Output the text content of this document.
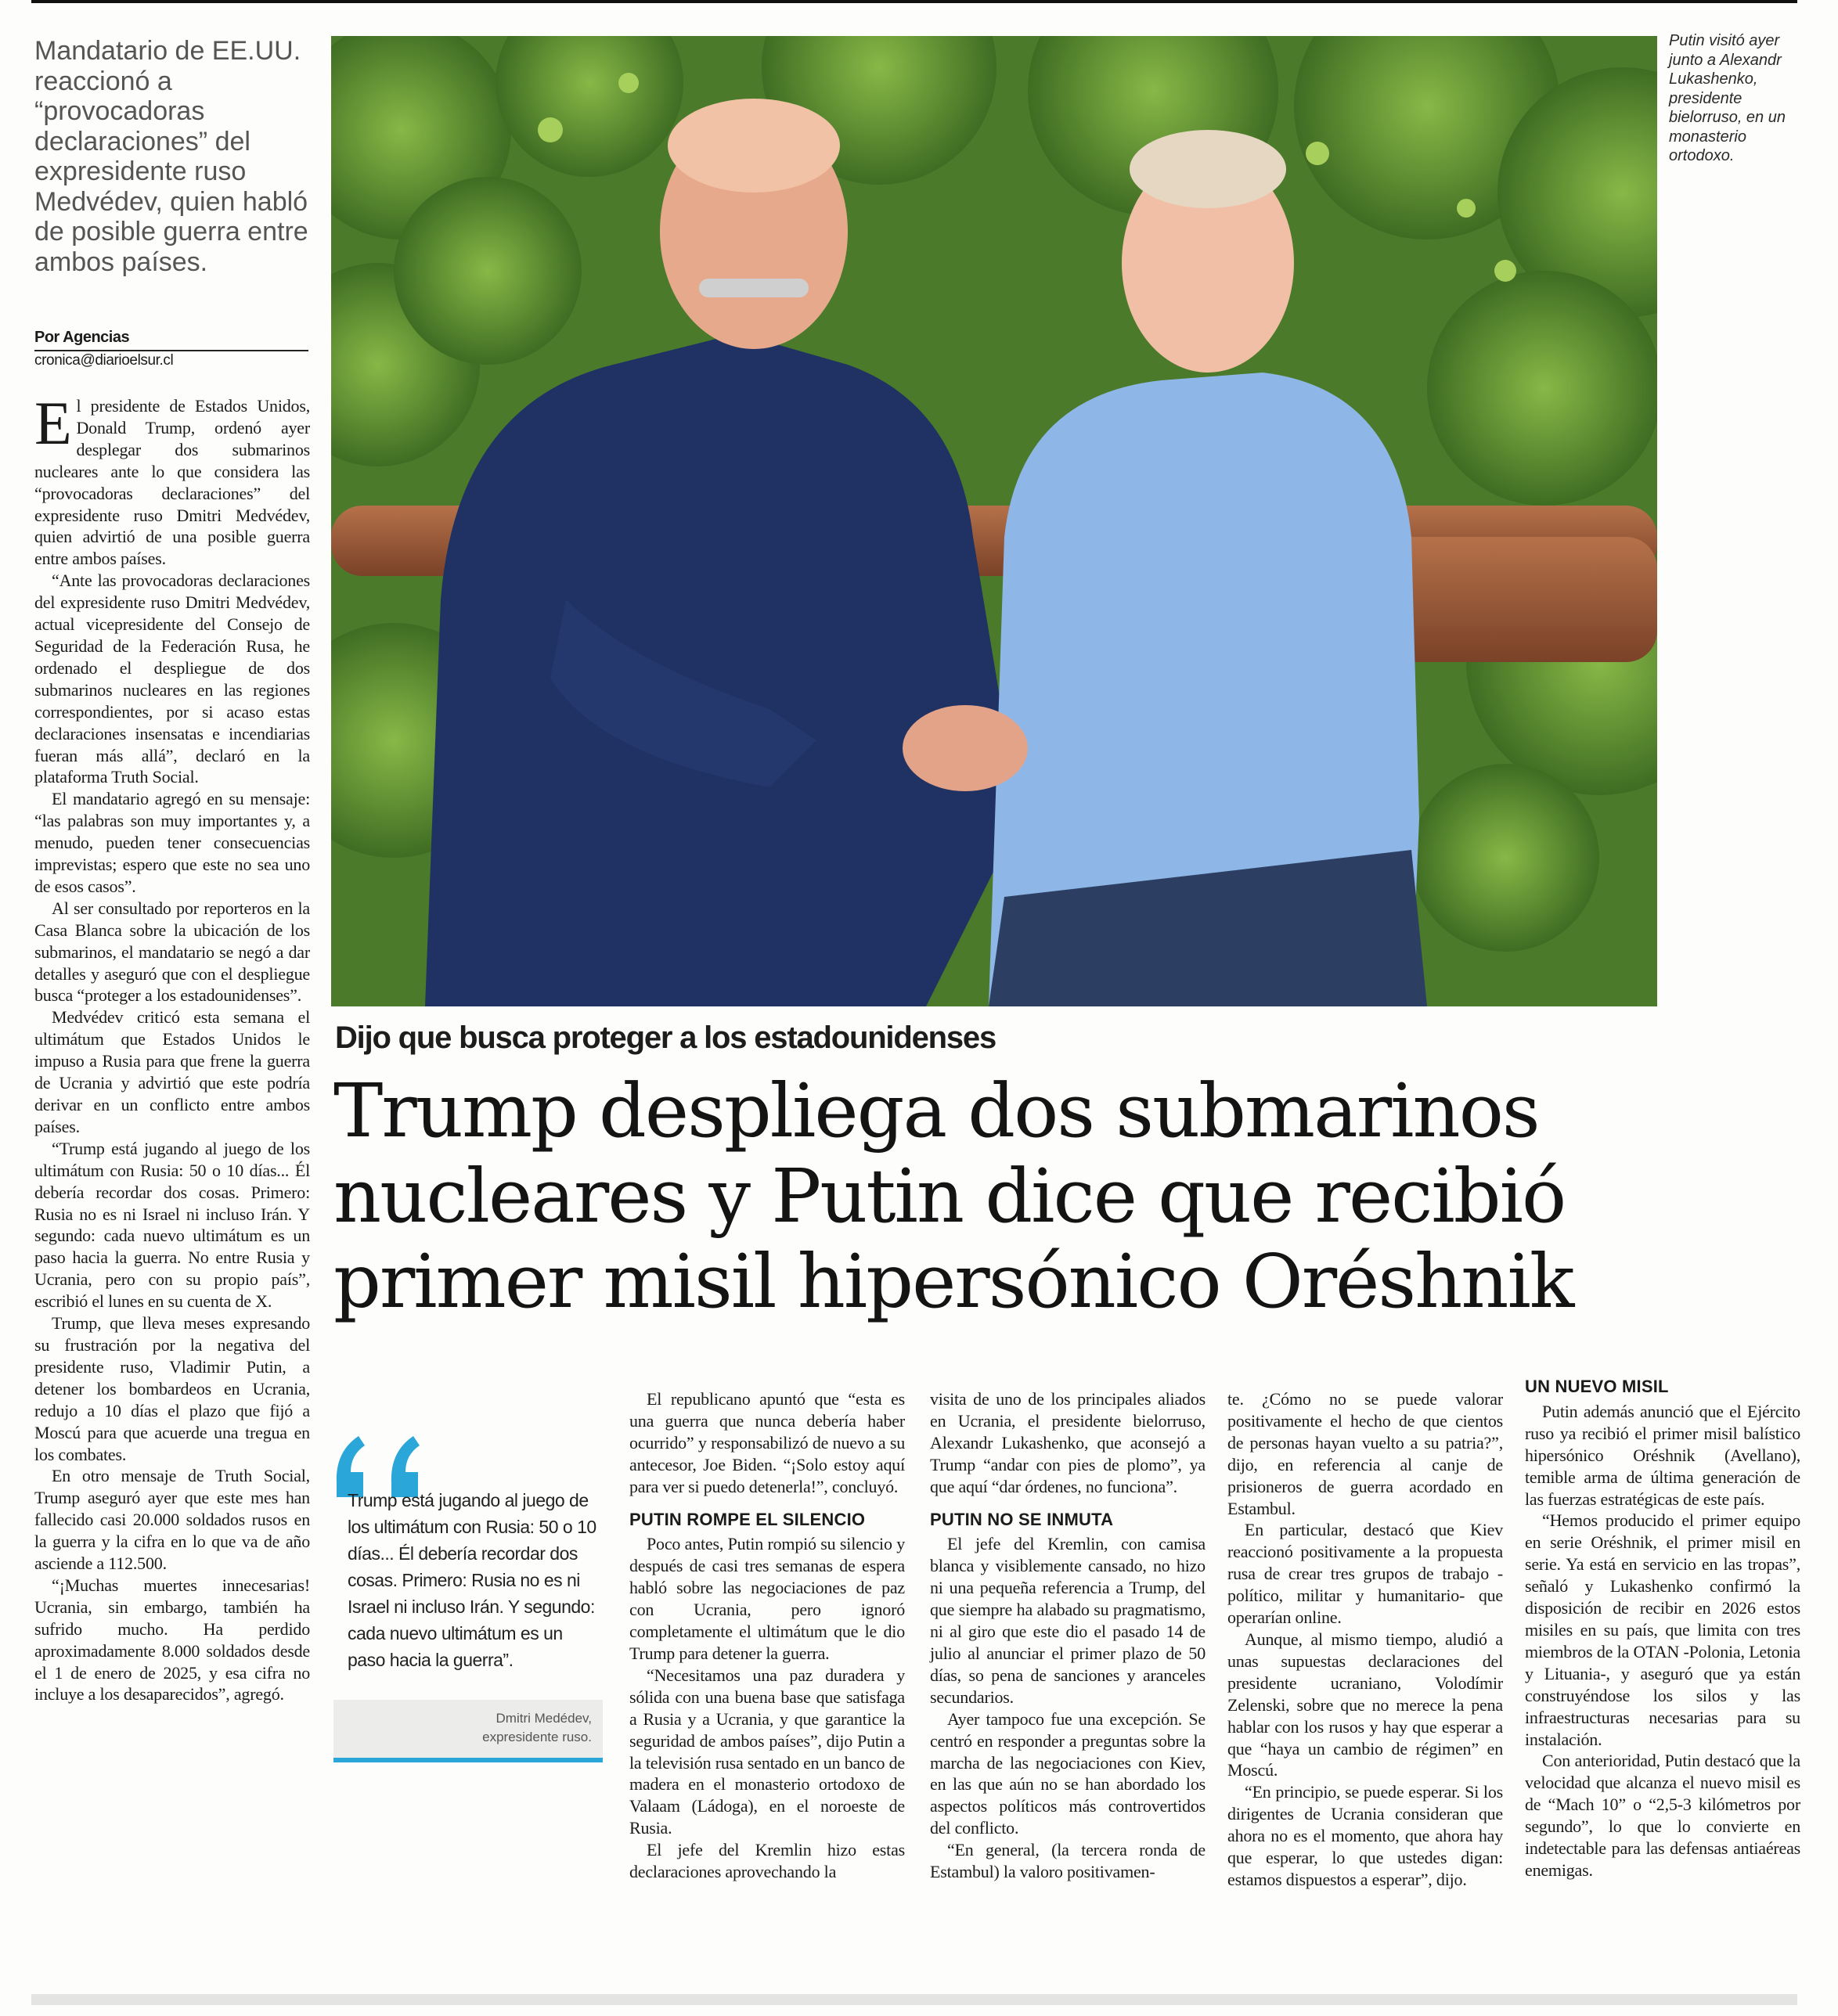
Mandatario de EE.UU. reaccionó a “provocadoras declaraciones” del expresidente ruso Medvédev, quien habló de posible guerra entre ambos países.
Por Agencias
cronica@diarioelsur.cl

El presidente de Estados Unidos, Donald Trump, ordenó ayer desplegar dos submarinos nucleares ante lo que considera las “provocadoras declaraciones” del expresidente ruso Dmitri Medvédev, quien advirtió de una posible guerra entre ambos países.

“Ante las provocadoras declaraciones del expresidente ruso Dmitri Medvédev, actual vicepresidente del Consejo de Seguridad de la Federación Rusa, he ordenado el despliegue de dos submarinos nucleares en las regiones correspondientes, por si acaso estas declaraciones insensatas e incendiarias fueran más allá”, declaró en la plataforma Truth Social.

El mandatario agregó en su mensaje: “las palabras son muy importantes y, a menudo, pueden tener consecuencias imprevistas; espero que este no sea uno de esos casos”.

Al ser consultado por reporteros en la Casa Blanca sobre la ubicación de los submarinos, el mandatario se negó a dar detalles y aseguró que con el despliegue busca “proteger a los estadounidenses”.

Medvédev criticó esta semana el ultimátum que Estados Unidos le impuso a Rusia para que frene la guerra de Ucrania y advirtió que este podría derivar en un conflicto entre ambos países.

“Trump está jugando al juego de los ultimátum con Rusia: 50 o 10 días... Él debería recordar dos cosas. Primero: Rusia no es ni Israel ni incluso Irán. Y segundo: cada nuevo ultimátum es un paso hacia la guerra. No entre Rusia y Ucrania, pero con su propio país”, escribió el lunes en su cuenta de X.

Trump, que lleva meses expresando su frustración por la negativa del presidente ruso, Vladimir Putin, a detener los bombardeos en Ucrania, redujo a 10 días el plazo que fijó a Moscú para que acuerde una tregua en los combates.

En otro mensaje de Truth Social, Trump aseguró ayer que este mes han fallecido casi 20.000 soldados rusos en la guerra y la cifra en lo que va de año asciende a 112.500.

“¡Muchas muertes innecesarias! Ucrania, sin embargo, también ha sufrido mucho. Ha perdido aproximadamente 8.000 soldados desde el 1 de enero de 2025, y esa cifra no incluye a los desaparecidos”, agregó.

Putin visitó ayer junto a Alexandr Lukashenko, presidente bielorruso, en un monasterio ortodoxo.
Dijo que busca proteger a los estadounidenses
Trump despliega dos submarinos nucleares y Putin dice que recibió primer misil hipersónico Oréshnik
Trump está jugando al juego de los ultimátum con Rusia: 50 o 10 días... Él debería recordar dos cosas. Primero: Rusia no es ni Israel ni incluso Irán. Y segundo: cada nuevo ultimátum es un paso hacia la guerra”.
Dmitri Medédev,
expresidente ruso.

El republicano apuntó que “esta es una guerra que nunca debería haber ocurrido” y responsabilizó de nuevo a su antecesor, Joe Biden. “¡Solo estoy aquí para ver si puedo detenerla!”, concluyó.

PUTIN ROMPE EL SILENCIO

Poco antes, Putin rompió su silencio y después de casi tres semanas de espera habló sobre las negociaciones de paz con Ucrania, pero ignoró completamente el ultimátum que le dio Trump para detener la guerra.

“Necesitamos una paz duradera y sólida con una buena base que satisfaga a Rusia y a Ucrania, y que garantice la seguridad de ambos países”, dijo Putin a la televisión rusa sentado en un banco de madera en el monasterio ortodoxo de Valaam (Ládoga), en el noroeste de Rusia.

El jefe del Kremlin hizo estas declaraciones aprovechando la

visita de uno de los principales aliados en Ucrania, el presidente bielorruso, Alexandr Lukashenko, que aconsejó a Trump “andar con pies de plomo”, ya que aquí “dar órdenes, no funciona”.

PUTIN NO SE INMUTA

El jefe del Kremlin, con camisa blanca y visiblemente cansado, no hizo ni una pequeña referencia a Trump, del que siempre ha alabado su pragmatismo, ni al giro que este dio el pasado 14 de julio al anunciar el primer plazo de 50 días, so pena de sanciones y aranceles secundarios.

Ayer tampoco fue una excepción. Se centró en responder a preguntas sobre la marcha de las negociaciones con Kiev, en las que aún no se han abordado los aspectos políticos más controvertidos del conflicto.

“En general, (la tercera ronda de Estambul) la valoro positivamen-

te. ¿Cómo no se puede valorar positivamente el hecho de que cientos de personas hayan vuelto a su patria?”, dijo, en referencia al canje de prisioneros de guerra acordado en Estambul.

En particular, destacó que Kiev reaccionó positivamente a la propuesta rusa de crear tres grupos de trabajo -político, militar y humanitario- que operarían online.

Aunque, al mismo tiempo, aludió a unas supuestas declaraciones del presidente ucraniano, Volodímir Zelenski, sobre que no merece la pena hablar con los rusos y hay que esperar a que “haya un cambio de régimen” en Moscú.

“En principio, se puede esperar. Si los dirigentes de Ucrania consideran que ahora no es el momento, que ahora hay que esperar, lo que ustedes digan: estamos dispuestos a esperar”, dijo.

UN NUEVO MISIL

Putin además anunció que el Ejército ruso ya recibió el primer misil balístico hipersónico Oréshnik (Avellano), temible arma de última generación de las fuerzas estratégicas de este país.

“Hemos producido el primer equipo en serie Oréshnik, el primer misil en serie. Ya está en servicio en las tropas”, señaló y Lukashenko confirmó la disposición de recibir en 2026 estos misiles en su país, que limita con tres miembros de la OTAN -Polonia, Letonia y Lituania-, y aseguró que ya están construyéndose los silos y las infraestructuras necesarias para su instalación.

Con anterioridad, Putin destacó que la velocidad que alcanza el nuevo misil es de “Mach 10” o “2,5-3 kilómetros por segundo”, lo que lo convierte en indetectable para las defensas antiaéreas enemigas.
